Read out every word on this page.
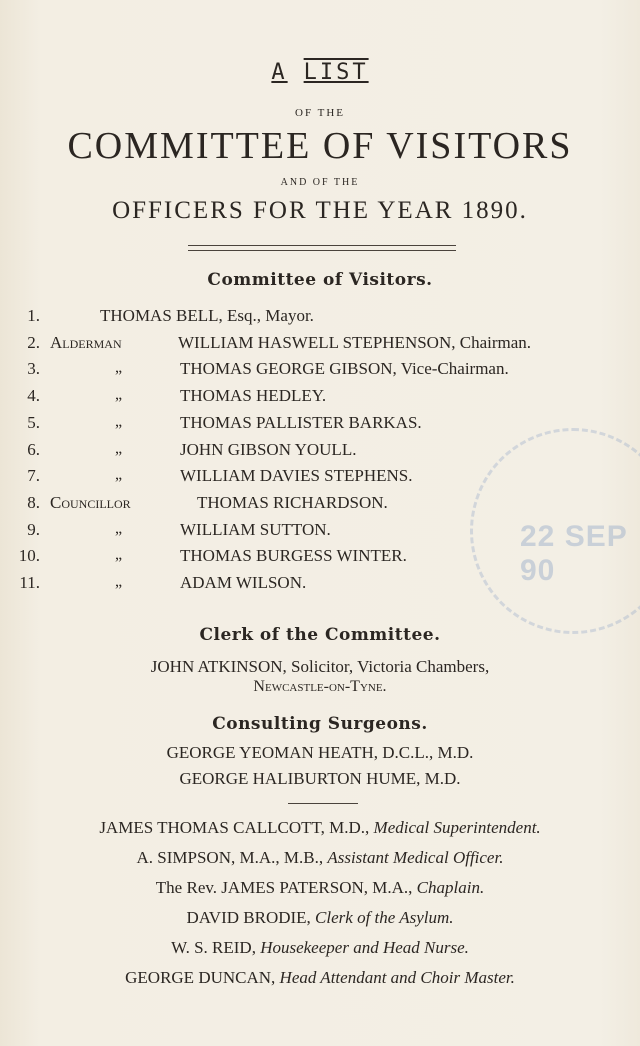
22 SEP 90
A LIST
OF THE
COMMITTEE OF VISITORS
AND OF THE
OFFICERS FOR THE YEAR 1890.
Committee of Visitors.
1.	THOMAS BELL, Esq., Mayor.
2. Alderman	WILLIAM HASWELL STEPHENSON, Chairman.
3.	„	THOMAS GEORGE GIBSON, Vice-Chairman.
4.	„	THOMAS HEDLEY.
5.	„	THOMAS PALLISTER BARKAS.
6.	„	JOHN GIBSON YOULL.
7.	„	WILLIAM DAVIES STEPHENS.
8. Councillor	THOMAS RICHARDSON.
9.	„	WILLIAM SUTTON.
10.	„	THOMAS BURGESS WINTER.
11.	„	ADAM WILSON.
Clerk of the Committee.
JOHN ATKINSON, Solicitor, Victoria Chambers,
Newcastle-on-Tyne.
Consulting Surgeons.
GEORGE YEOMAN HEATH, D.C.L., M.D.
GEORGE HALIBURTON HUME, M.D.
JAMES THOMAS CALLCOTT, M.D., Medical Superintendent.
A. SIMPSON, M.A., M.B., Assistant Medical Officer.
The Rev. JAMES PATERSON, M.A., Chaplain.
DAVID BRODIE, Clerk of the Asylum.
W. S. REID, Housekeeper and Head Nurse.
GEORGE DUNCAN, Head Attendant and Choir Master.
